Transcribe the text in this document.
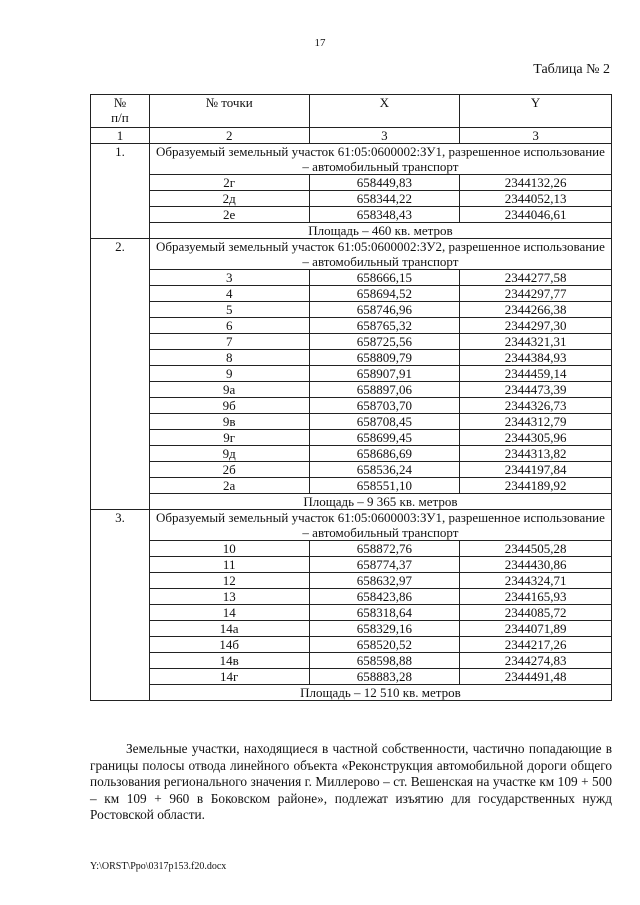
17
Таблица № 2
№
п/п	№ точки	X	Y
1	2	3	3
1.	Образуемый земельный участок 61:05:0600002:ЗУ1, разрешенное использование – автомобильный транспорт		
	2г	658449,83	2344132,26
	2д	658344,22	2344052,13
	2е	658348,43	2344046,61
	Площадь – 460 кв. метров		
2.	Образуемый земельный участок 61:05:0600002:ЗУ2, разрешенное использование – автомобильный транспорт		
	3	658666,15	2344277,58
	4	658694,52	2344297,77
	5	658746,96	2344266,38
	6	658765,32	2344297,30
	7	658725,56	2344321,31
	8	658809,79	2344384,93
	9	658907,91	2344459,14
	9а	658897,06	2344473,39
	9б	658703,70	2344326,73
	9в	658708,45	2344312,79
	9г	658699,45	2344305,96
	9д	658686,69	2344313,82
	2б	658536,24	2344197,84
	2а	658551,10	2344189,92
	Площадь – 9 365 кв. метров		
3.	Образуемый земельный участок 61:05:0600003:ЗУ1, разрешенное использование – автомобильный транспорт		
	10	658872,76	2344505,28
	11	658774,37	2344430,86
	12	658632,97	2344324,71
	13	658423,86	2344165,93
	14	658318,64	2344085,72
	14а	658329,16	2344071,89
	14б	658520,52	2344217,26
	14в	658598,88	2344274,83
	14г	658883,28	2344491,48
	Площадь – 12 510 кв. метров		

Земельные участки, находящиеся в частной собственности, частично попадающие в границы полосы отвода линейного объекта «Реконструкция автомобильной дороги общего пользования регионального значения г. Миллерово – ст. Вешенская на участке км 109 + 500 – км 109 + 960 в Боковском районе», подлежат изъятию для государственных нужд Ростовской области.

Y:\ORST\Ppo\0317p153.f20.docx
